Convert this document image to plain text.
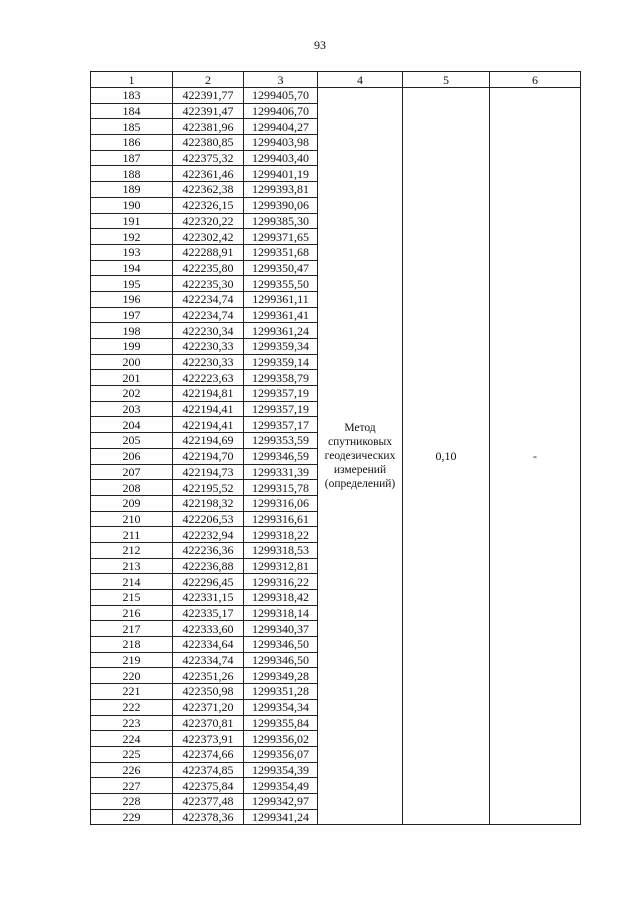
93
1	2	3	4	5	6
183	422391,77	1299405,70	Метод
спутниковых
геодезических
измерений
(определений)	0,10	-
184	422391,47	1299406,70			
185	422381,96	1299404,27			
186	422380,85	1299403,98			
187	422375,32	1299403,40			
188	422361,46	1299401,19			
189	422362,38	1299393,81			
190	422326,15	1299390,06			
191	422320,22	1299385,30			
192	422302,42	1299371,65			
193	422288,91	1299351,68			
194	422235,80	1299350,47			
195	422235,30	1299355,50			
196	422234,74	1299361,11			
197	422234,74	1299361,41			
198	422230,34	1299361,24			
199	422230,33	1299359,34			
200	422230,33	1299359,14			
201	422223,63	1299358,79			
202	422194,81	1299357,19			
203	422194,41	1299357,19			
204	422194,41	1299357,17			
205	422194,69	1299353,59			
206	422194,70	1299346,59			
207	422194,73	1299331,39			
208	422195,52	1299315,78			
209	422198,32	1299316,06			
210	422206,53	1299316,61			
211	422232,94	1299318,22			
212	422236,36	1299318,53			
213	422236,88	1299312,81			
214	422296,45	1299316,22			
215	422331,15	1299318,42			
216	422335,17	1299318,14			
217	422333,60	1299340,37			
218	422334,64	1299346,50			
219	422334,74	1299346,50			
220	422351,26	1299349,28			
221	422350,98	1299351,28			
222	422371,20	1299354,34			
223	422370,81	1299355,84			
224	422373,91	1299356,02			
225	422374,66	1299356,07			
226	422374,85	1299354,39			
227	422375,84	1299354,49			
228	422377,48	1299342,97			
229	422378,36	1299341,24			
